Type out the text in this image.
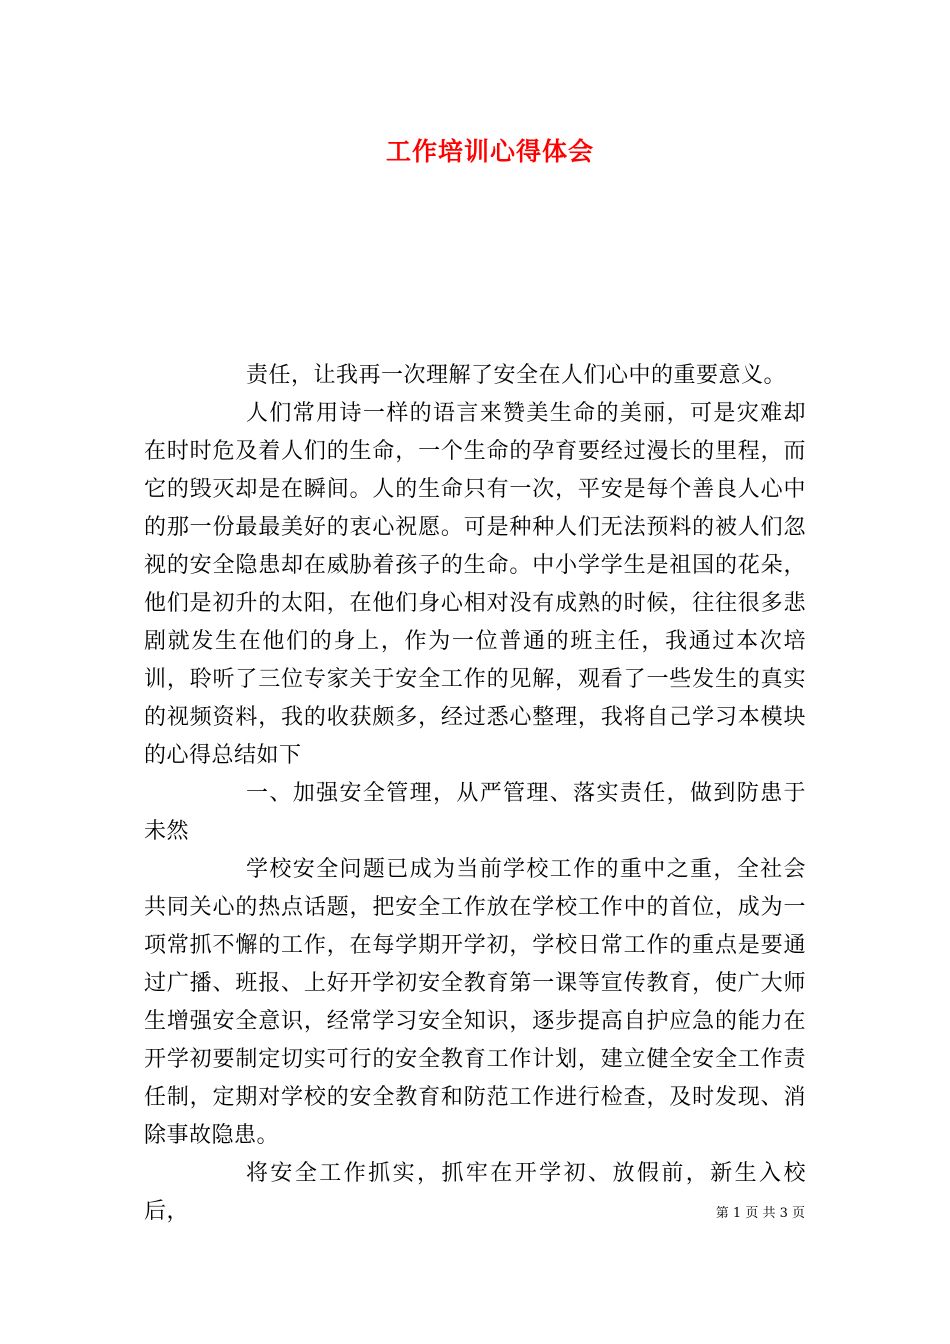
工作培训心得体会

责任，让我再一次理解了安全在人们心中的重要意义。

人们常用诗一样的语言来赞美生命的美丽，可是灾难却在时时危及着人们的生命，一个生命的孕育要经过漫长的里程，而它的毁灭却是在瞬间。人的生命只有一次，平安是每个善良人心中的那一份最最美好的衷心祝愿。可是种种人们无法预料的被人们忽视的安全隐患却在威胁着孩子的生命。中小学学生是祖国的花朵，他们是初升的太阳，在他们身心相对没有成熟的时候，往往很多悲剧就发生在他们的身上，作为一位普通的班主任，我通过本次培训，聆听了三位专家关于安全工作的见解，观看了一些发生的真实的视频资料，我的收获颇多，经过悉心整理，我将自己学习本模块的心得总结如下

一、加强安全管理，从严管理、落实责任，做到防患于未然

学校安全问题已成为当前学校工作的重中之重，全社会共同关心的热点话题，把安全工作放在学校工作中的首位，成为一项常抓不懈的工作，在每学期开学初，学校日常工作的重点是要通过广播、班报、上好开学初安全教育第一课等宣传教育，使广大师生增强安全意识，经常学习安全知识，逐步提高自护应急的能力在开学初要制定切实可行的安全教育工作计划，建立健全安全工作责任制，定期对学校的安全教育和防范工作进行检查，及时发现、消除事故隐患。

将安全工作抓实，抓牢在开学初、放假前，新生入校后，	第 1 页 共 3 页
